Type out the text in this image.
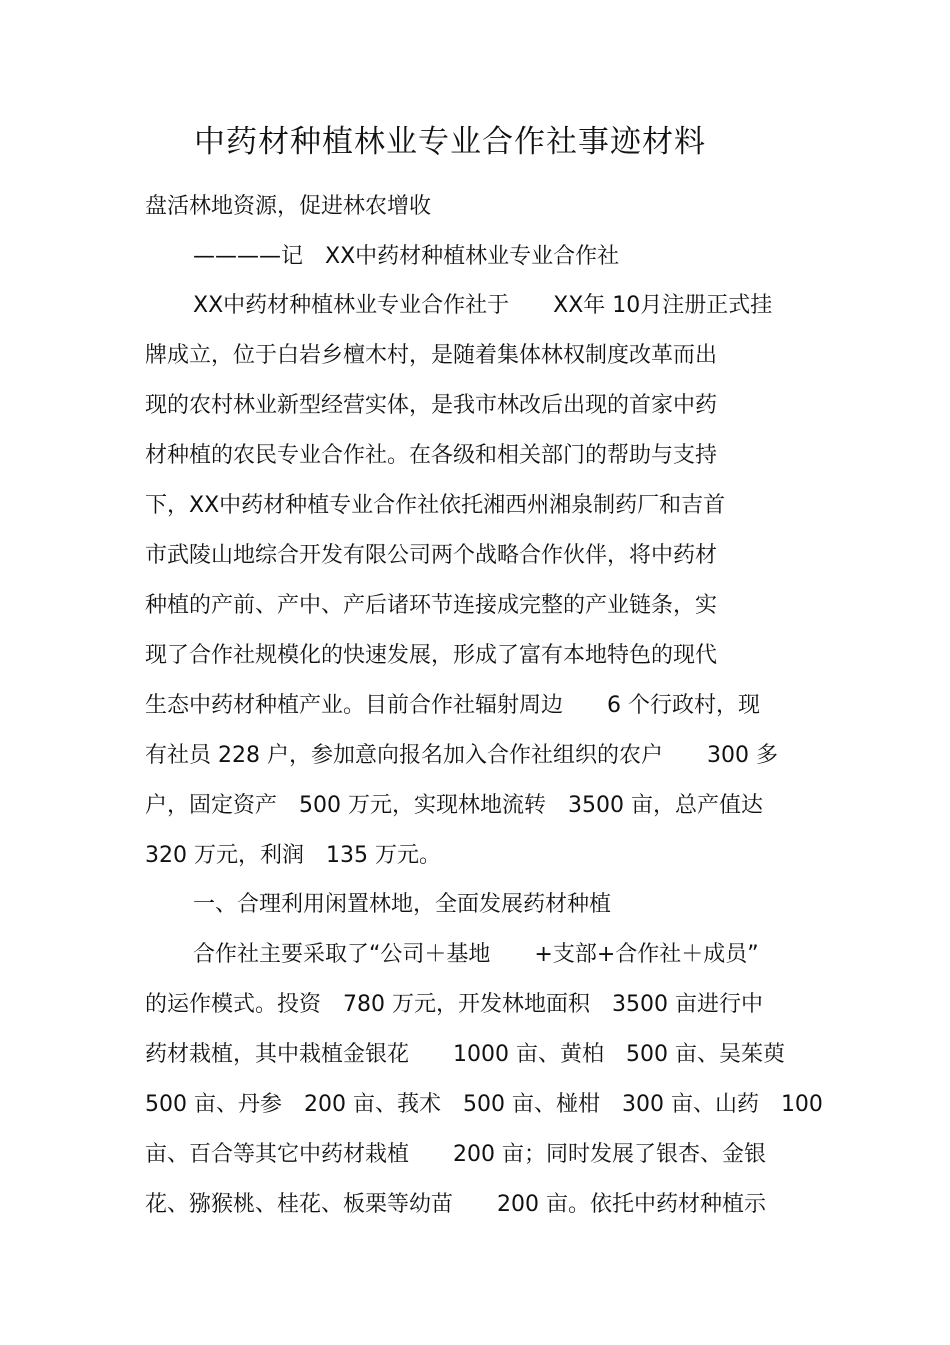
中药材种植林业专业合作社事迹材料
盘活林地资源，促进林农增收
————记　XX中药材种植林业专业合作社
XX中药材种植林业专业合作社于　　XX年 10月注册正式挂
牌成立，位于白岩乡檀木村，是随着集体林权制度改革而出
现的农村林业新型经营实体，是我市林改后出现的首家中药
材种植的农民专业合作社。在各级和相关部门的帮助与支持
下，XX中药材种植专业合作社依托湘西州湘泉制药厂和吉首
市武陵山地综合开发有限公司两个战略合作伙伴，将中药材
种植的产前、产中、产后诸环节连接成完整的产业链条，实
现了合作社规模化的快速发展，形成了富有本地特色的现代
生态中药材种植产业。目前合作社辐射周边　　6 个行政村，现
有社员 228 户，参加意向报名加入合作社组织的农户　　300 多
户，固定资产　500 万元，实现林地流转　3500 亩，总产值达
320 万元，利润　135 万元。
一、合理利用闲置林地，全面发展药材种植
合作社主要采取了“公司＋基地　　+支部+合作社＋成员”
的运作模式。投资　780 万元，开发林地面积　3500 亩进行中
药材栽植，其中栽植金银花　　1000 亩、黄柏　500 亩、吴茱萸
500 亩、丹参　200 亩、莪术　500 亩、椪柑　300 亩、山药　100
亩、百合等其它中药材栽植　　200 亩；同时发展了银杏、金银
花、猕猴桃、桂花、板栗等幼苗　　200 亩。依托中药材种植示
